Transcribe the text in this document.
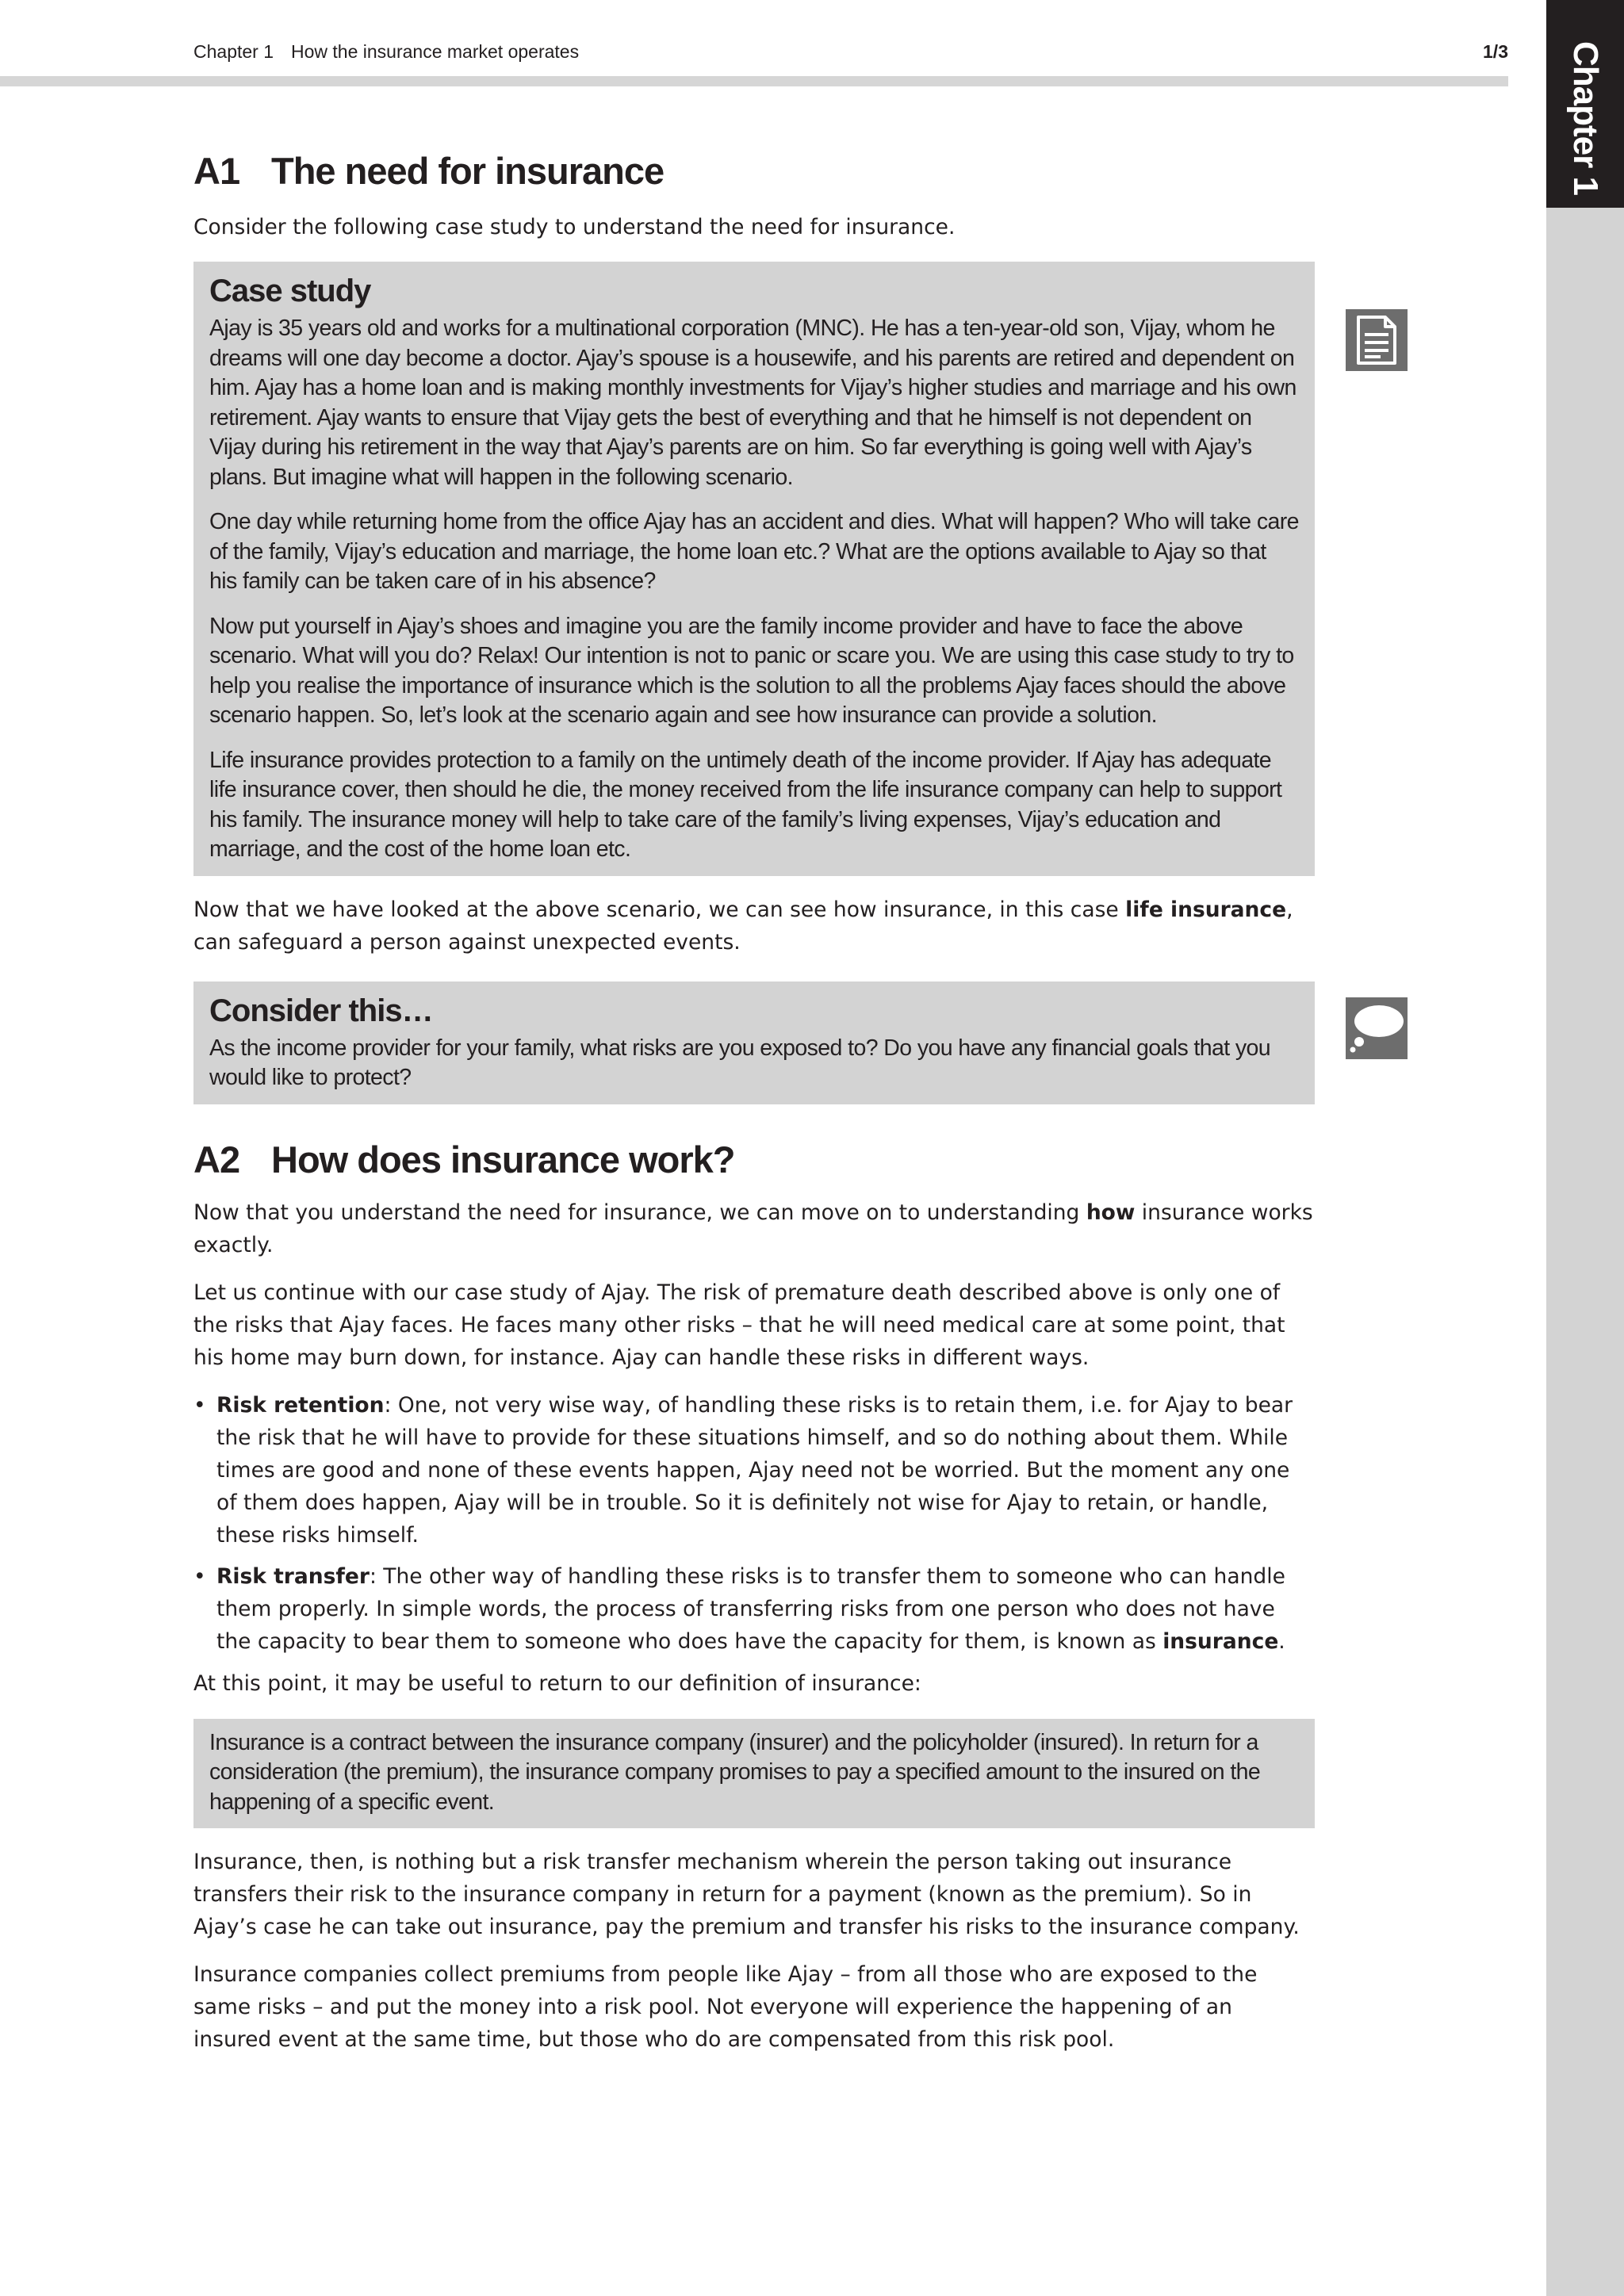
Chapter 1 How the insurance market operates	1/3 Chapter 1
A1 The need for insurance

Consider the following case study to understand the need for insurance.

Case study

Ajay is 35 years old and works for a multinational corporation (MNC). He has a ten-year-old son, Vijay, whom he dreams will one day become a doctor. Ajay’s spouse is a housewife, and his parents are retired and dependent on him. Ajay has a home loan and is making monthly investments for Vijay’s higher studies and marriage and his own retirement. Ajay wants to ensure that Vijay gets the best of everything and that he himself is not dependent on Vijay during his retirement in the way that Ajay’s parents are on him. So far everything is going well with Ajay’s plans. But imagine what will happen in the following scenario.

One day while returning home from the office Ajay has an accident and dies. What will happen? Who will take care of the family, Vijay’s education and marriage, the home loan etc.? What are the options available to Ajay so that his family can be taken care of in his absence?

Now put yourself in Ajay’s shoes and imagine you are the family income provider and have to face the above scenario. What will you do? Relax! Our intention is not to panic or scare you. We are using this case study to try to help you realise the importance of insurance which is the solution to all the problems Ajay faces should the above scenario happen. So, let’s look at the scenario again and see how insurance can provide a solution.

Life insurance provides protection to a family on the untimely death of the income provider. If Ajay has adequate life insurance cover, then should he die, the money received from the life insurance company can help to support his family. The insurance money will help to take care of the family’s living expenses, Vijay’s education and marriage, and the cost of the home loan etc.

Now that we have looked at the above scenario, we can see how insurance, in this case life insurance, can safeguard a person against unexpected events.

Consider this…

As the income provider for your family, what risks are you exposed to? Do you have any financial goals that you would like to protect?

A2 How does insurance work?

Now that you understand the need for insurance, we can move on to understanding how insurance works exactly.

Let us continue with our case study of Ajay. The risk of premature death described above is only one of the risks that Ajay faces. He faces many other risks – that he will need medical care at some point, that his home may burn down, for instance. Ajay can handle these risks in different ways.

• Risk retention: One, not very wise way, of handling these risks is to retain them, i.e. for Ajay to bear the risk that he will have to provide for these situations himself, and so do nothing about them. While times are good and none of these events happen, Ajay need not be worried. But the moment any one of them does happen, Ajay will be in trouble. So it is definitely not wise for Ajay to retain, or handle, these risks himself.
• Risk transfer: The other way of handling these risks is to transfer them to someone who can handle them properly. In simple words, the process of transferring risks from one person who does not have the capacity to bear them to someone who does have the capacity for them, is known as insurance.

At this point, it may be useful to return to our definition of insurance:

Insurance is a contract between the insurance company (insurer) and the policyholder (insured). In return for a consideration (the premium), the insurance company promises to pay a specified amount to the insured on the happening of a specific event.

Insurance, then, is nothing but a risk transfer mechanism wherein the person taking out insurance transfers their risk to the insurance company in return for a payment (known as the premium). So in Ajay’s case he can take out insurance, pay the premium and transfer his risks to the insurance company.

Insurance companies collect premiums from people like Ajay – from all those who are exposed to the same risks – and put the money into a risk pool. Not everyone will experience the happening of an insured event at the same time, but those who do are compensated from this risk pool.
